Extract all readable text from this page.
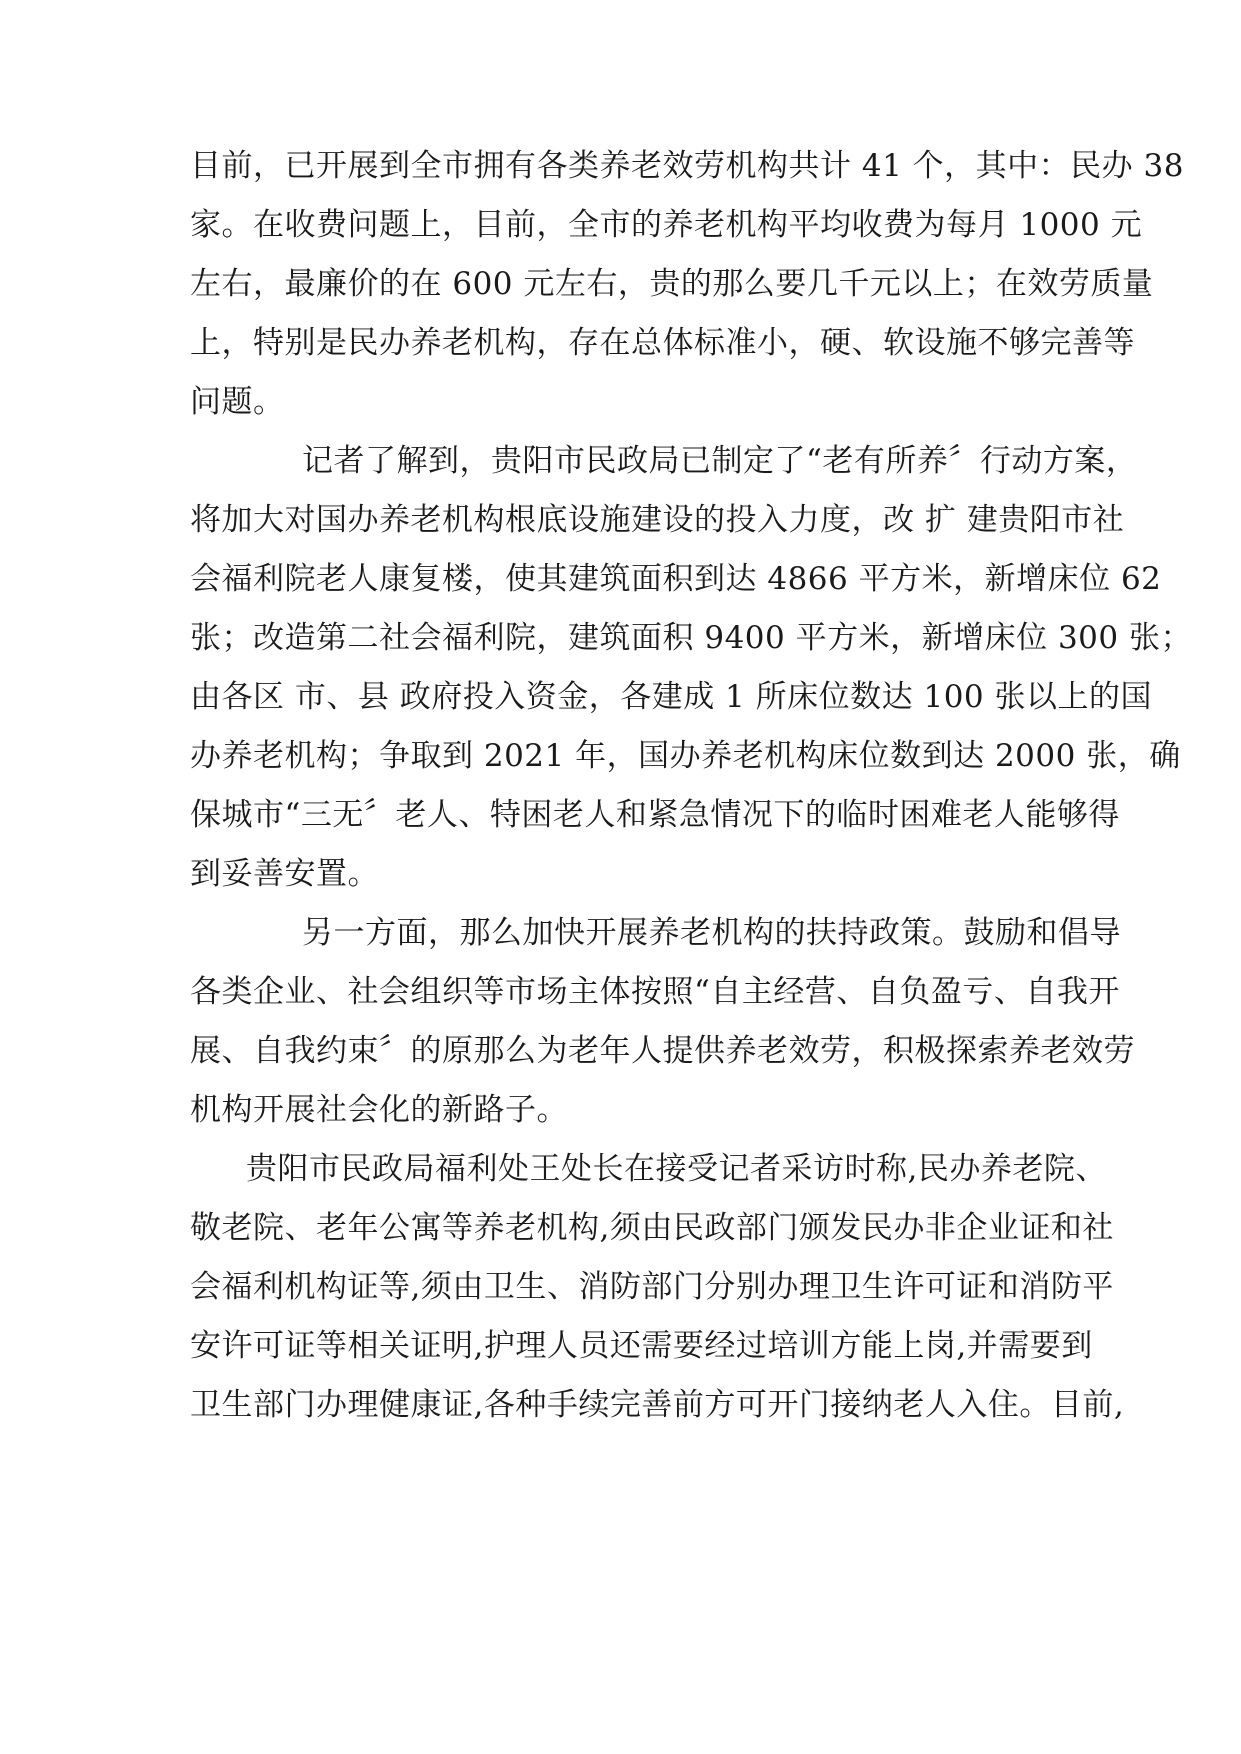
目前，已开展到全市拥有各类养老效劳机构共计 41 个，其中：民办 38
家。在收费问题上，目前，全市的养老机构平均收费为每月 1000 元
左右，最廉价的在 600 元左右，贵的那么要几千元以上；在效劳质量
上，特别是民办养老机构，存在总体标准小，硬、软设施不够完善等
问题。
记者了解到，贵阳市民政局已制定了“老有所养〞行动方案，
将加大对国办养老机构根底设施建设的投入力度，改 扩 建贵阳市社
会福利院老人康复楼，使其建筑面积到达 4866 平方米，新增床位 62
张；改造第二社会福利院，建筑面积 9400 平方米，新增床位 300 张；
由各区 市、县 政府投入资金，各建成 1 所床位数达 100 张以上的国
办养老机构；争取到 2021 年，国办养老机构床位数到达 2000 张，确
保城市“三无〞老人、特困老人和紧急情况下的临时困难老人能够得
到妥善安置。
另一方面，那么加快开展养老机构的扶持政策。鼓励和倡导
各类企业、社会组织等市场主体按照“自主经营、自负盈亏、自我开
展、自我约束〞的原那么为老年人提供养老效劳，积极探索养老效劳
机构开展社会化的新路子。
贵阳市民政局福利处王处长在接受记者采访时称,民办养老院、
敬老院、老年公寓等养老机构,须由民政部门颁发民办非企业证和社
会福利机构证等,须由卫生、消防部门分别办理卫生许可证和消防平
安许可证等相关证明,护理人员还需要经过培训方能上岗,并需要到
卫生部门办理健康证,各种手续完善前方可开门接纳老人入住。目前,
